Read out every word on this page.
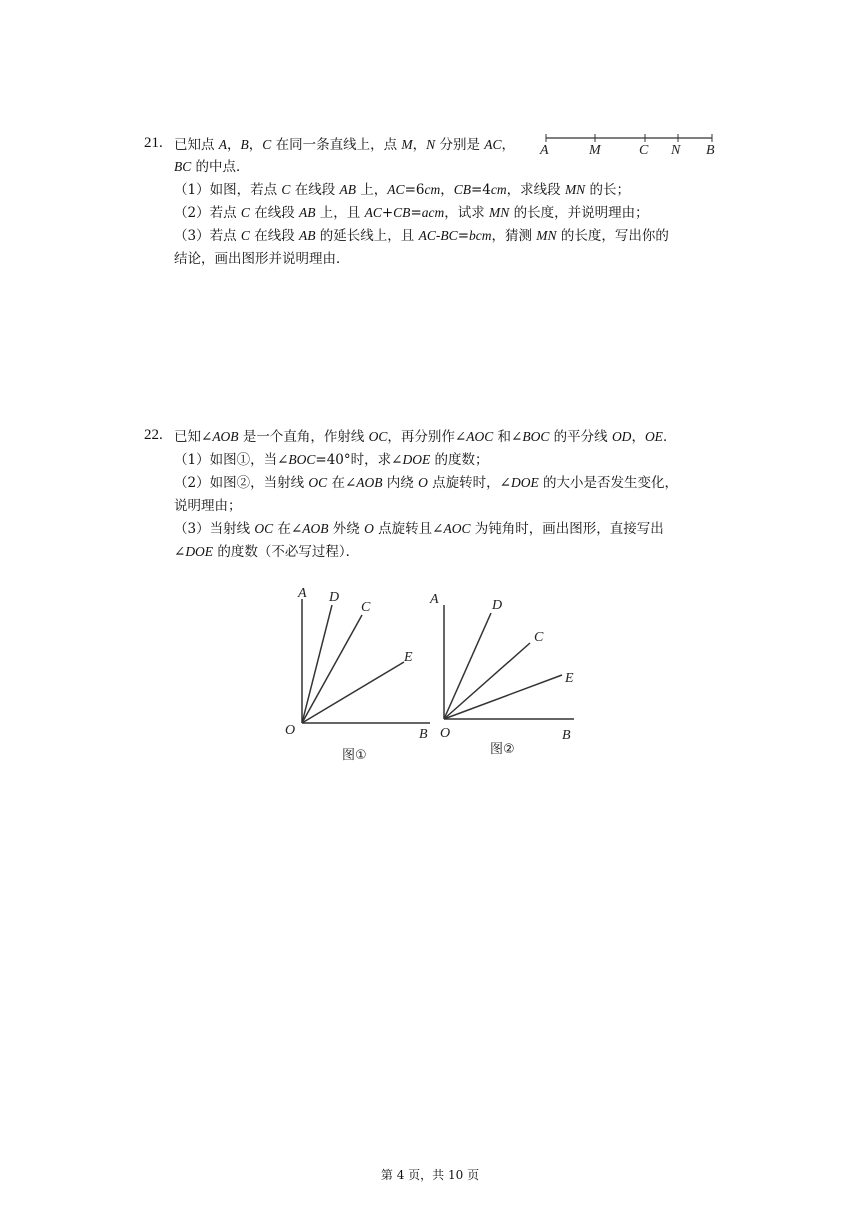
21. 已知点 A，B，C 在同一条直线上，点 M，N 分别是 AC，
BC 的中点．
（1）如图，若点 C 在线段 AB 上，AC=6cm，CB=4cm，求线段 MN 的长；
（2）若点 C 在线段 AB 上，且 AC+CB=acm，试求 MN 的长度，并说明理由；
（3）若点 C 在线段 AB 的延长线上，且 AC-BC=bcm，猜测 MN 的长度，写出你的
结论，画出图形并说明理由．
A	M	C N B
22. 已知∠AOB 是一个直角，作射线 OC，再分别作∠AOC 和∠BOC 的平分线 OD，OE．
（1）如图①，当∠BOC=40°时，求∠DOE 的度数；
（2）如图②，当射线 OC 在∠AOB 内绕 O 点旋转时，∠DOE 的大小是否发生变化，
说明理由；
（3）当射线 OC 在∠AOB 外绕 O 点旋转且∠AOC 为钝角时，画出图形，直接写出
∠DOE 的度数（不必写过程）．
A D
C
E
O	B
图①
A	D
C
E
O	B
图②
第 4 页，共 10 页
